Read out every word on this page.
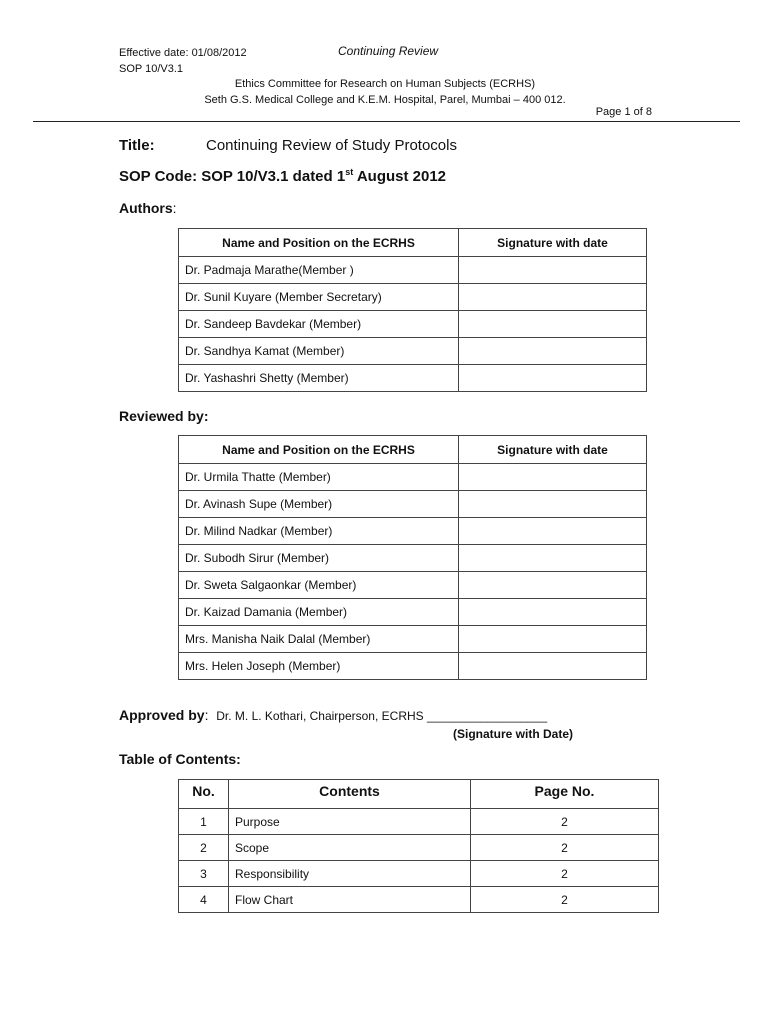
Effective date: 01/08/2012
SOP 10/V3.1
Continuing Review
Ethics Committee for Research on Human Subjects (ECRHS)
Seth G.S. Medical College and K.E.M. Hospital, Parel, Mumbai – 400 012.
Page 1 of 8
Title:	Continuing Review of Study Protocols
SOP Code: SOP 10/V3.1 dated 1st August 2012
Authors:
Name and Position on the ECRHS	Signature with date
Dr. Padmaja Marathe(Member )	
Dr. Sunil Kuyare (Member Secretary)	
Dr. Sandeep Bavdekar (Member)	
Dr. Sandhya Kamat (Member)	
Dr. Yashashri Shetty (Member)	
Reviewed by:
Name and Position on the ECRHS	Signature with date
Dr. Urmila Thatte (Member)	
Dr. Avinash Supe (Member)	
Dr. Milind Nadkar (Member)	
Dr. Subodh Sirur (Member)	
Dr. Sweta Salgaonkar (Member)	
Dr. Kaizad Damania (Member)	
Mrs. Manisha Naik Dalal (Member)	
Mrs. Helen Joseph (Member)	
Approved by: Dr. M. L. Kothari, Chairperson, ECRHS __________________
(Signature with Date)
Table of Contents:
No.	Contents	Page No.
1	Purpose	2
2	Scope	2
3	Responsibility	2
4	Flow Chart	2
